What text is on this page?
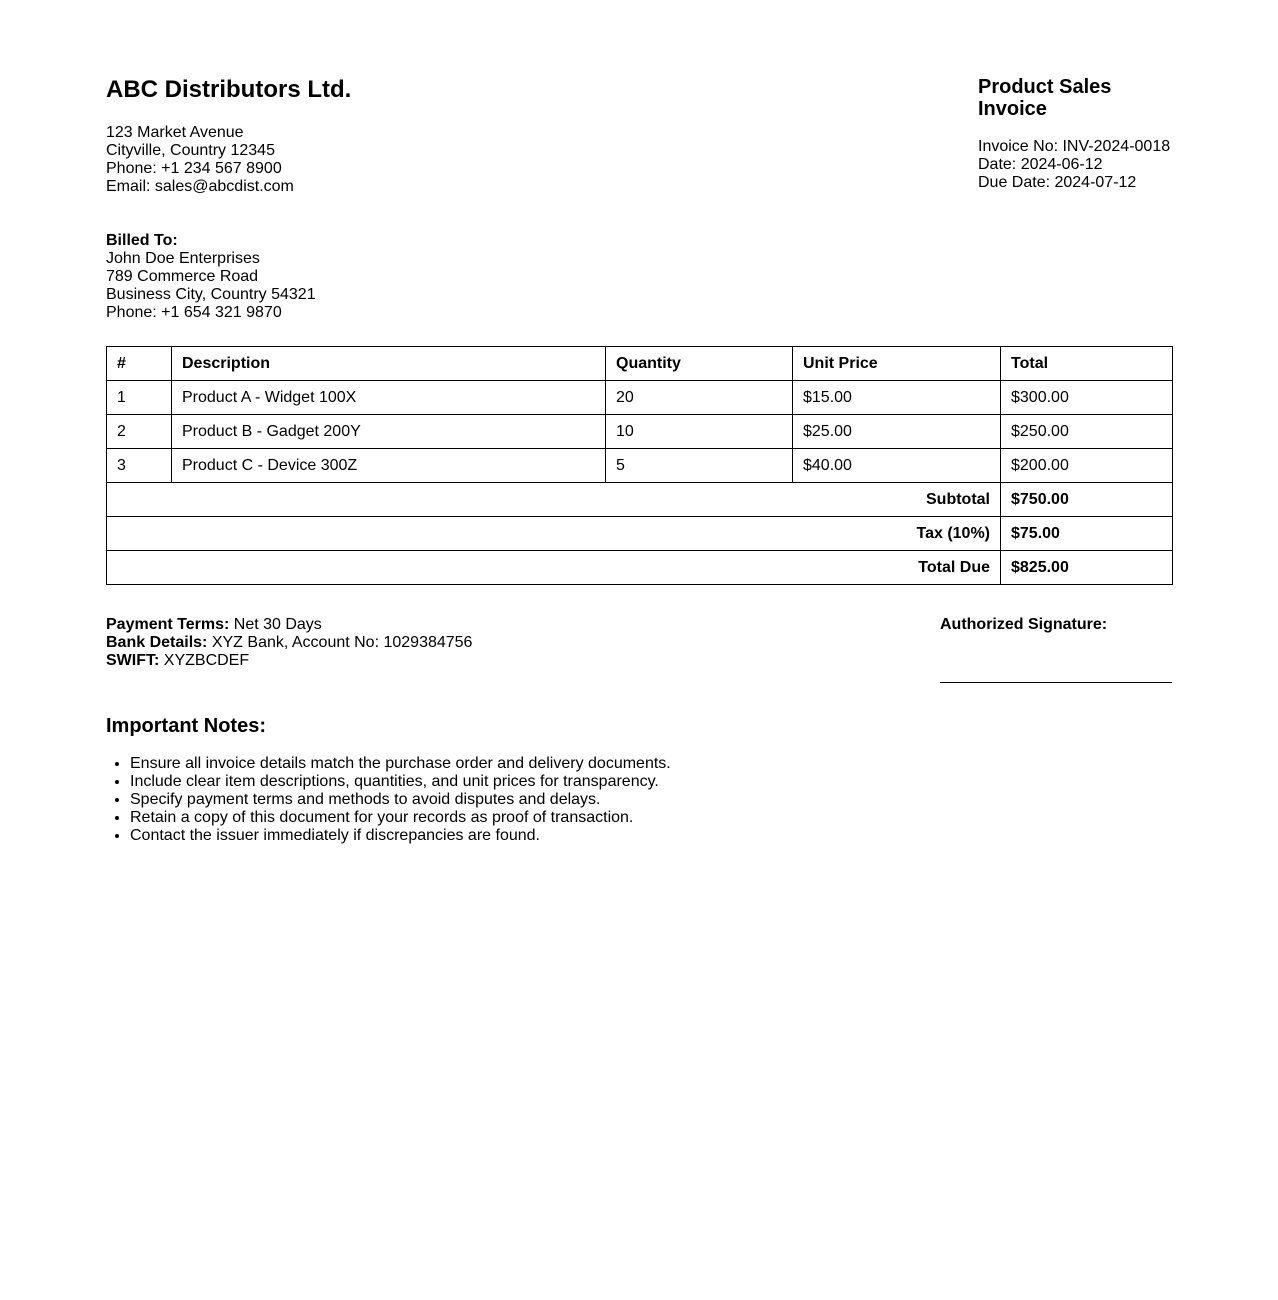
ABC Distributors Ltd.
123 Market Avenue
Cityville, Country 12345
Phone: +1 234 567 8900
Email: sales@abcdist.com
Product Sales Invoice
Invoice No: INV-2024-0018
Date: 2024-06-12
Due Date: 2024-07-12
Billed To:
John Doe Enterprises
789 Commerce Road
Business City, Country 54321
Phone: +1 654 321 9870
#	Description	Quantity	Unit Price	Total
1	Product A - Widget 100X	20	$15.00	$300.00
2	Product B - Gadget 200Y	10	$25.00	$250.00
3	Product C - Device 300Z	5	$40.00	$200.00
Subtotal				$750.00
Tax (10%)				$75.00
Total Due				$825.00
Payment Terms: Net 30 Days
Bank Details: XYZ Bank, Account No: 1029384756
SWIFT: XYZBCDEF
Authorized Signature:
Important Notes:
• Ensure all invoice details match the purchase order and delivery documents.
• Include clear item descriptions, quantities, and unit prices for transparency.
• Specify payment terms and methods to avoid disputes and delays.
• Retain a copy of this document for your records as proof of transaction.
• Contact the issuer immediately if discrepancies are found.
